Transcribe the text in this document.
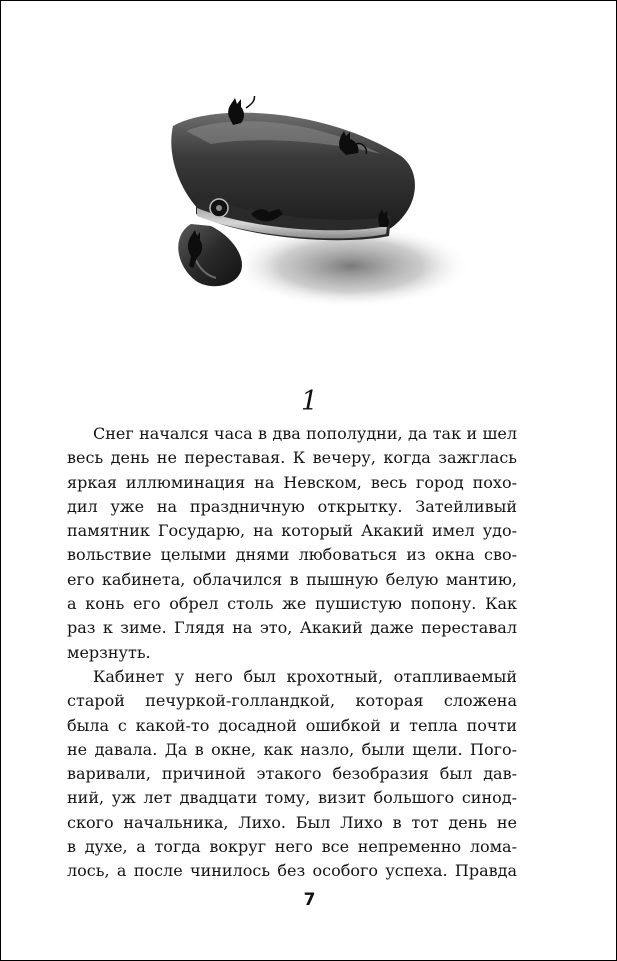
1
Снег начался часа в два пополудни, да так и шел
весь день не переставая. К вечеру, когда зажглась
яркая иллюминация на Невском, весь город похо-
дил уже на праздничную открытку. Затейливый
памятник Государю, на который Акакий имел удо-
вольствие целыми днями любоваться из окна сво-
его кабинета, облачился в пышную белую мантию,
а конь его обрел столь же пушистую попону. Как
раз к зиме. Глядя на это, Акакий даже переставал
мерзнуть.
Кабинет у него был крохотный, отапливаемый
старой печуркой-голландкой, которая сложена
была с какой-то досадной ошибкой и тепла почти
не давала. Да в окне, как назло, были щели. Пого-
варивали, причиной этакого безобразия был дав-
ний, уж лет двадцати тому, визит большого синод-
ского начальника, Лихо. Был Лихо в тот день не
в духе, а тогда вокруг него все непременно лома-
лось, а после чинилось без особого успеха. Правда
7
